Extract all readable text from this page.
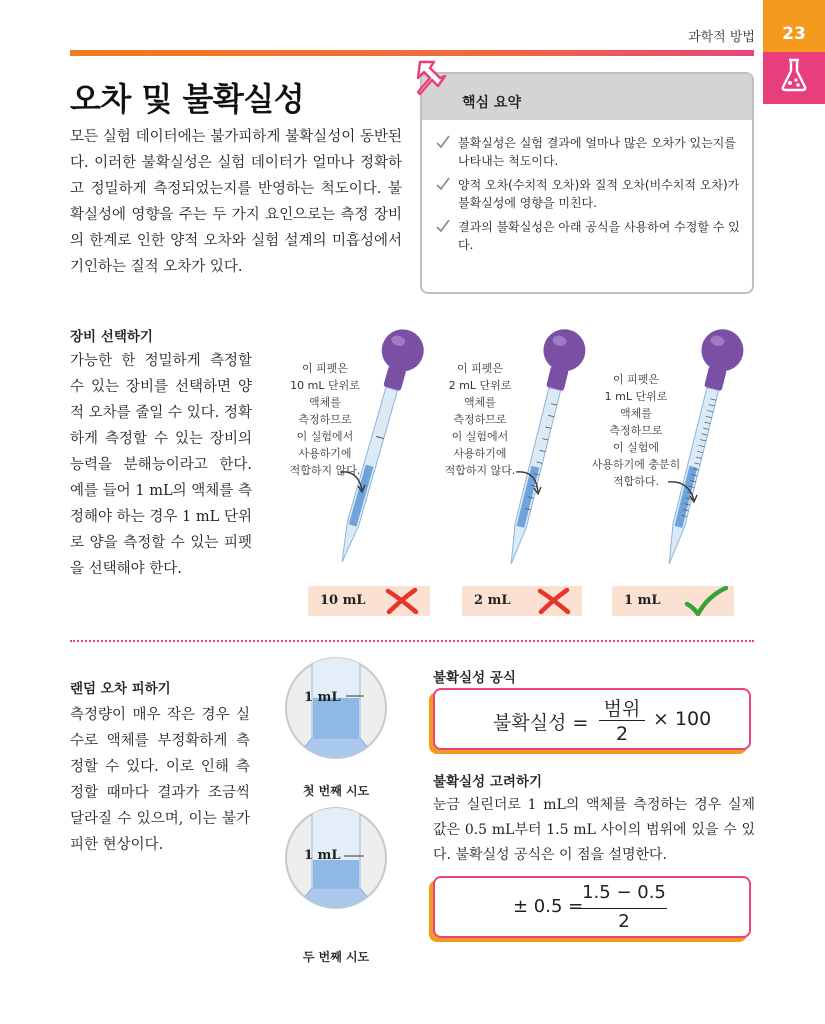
과학적 방법	23
오차 및 불확실성
모든 실험 데이터에는 불가피하게 불확실성이 동반된다. 이러한 불확실성은 실험 데이터가 얼마나 정확하고 정밀하게 측정되었는지를 반영하는 척도이다. 불확실성에 영향을 주는 두 가지 요인으로는 측정 장비의 한계로 인한 양적 오차와 실험 설계의 미흡성에서 기인하는 질적 오차가 있다.
핵심 요약
불확실성은 실험 결과에 얼마나 많은 오차가 있는지를 나타내는 척도이다.
양적 오차(수치적 오차)와 질적 오차(비수치적 오차)가 불확실성에 영향을 미친다.
결과의 불확실성은 아래 공식을 사용하여 수정할 수 있다.
장비 선택하기
가능한 한 정밀하게 측정할 수 있는 장비를 선택하면 양적 오차를 줄일 수 있다. 정확하게 측정할 수 있는 장비의 능력을 분해능이라고 한다. 예를 들어 1 mL의 액체를 측정해야 하는 경우 1 mL 단위로 양을 측정할 수 있는 피펫을 선택해야 한다.
이 피펫은
10 mL 단위로
액체를
측정하므로
이 실험에서
사용하기에
적합하지 않다.
이 피펫은
2 mL 단위로
액체를
측정하므로
이 실험에서
사용하기에
적합하지 않다.
이 피펫은
1 mL 단위로
액체를
측정하므로
이 실험에
사용하기에 충분히
적합하다.
10 mL	2 mL	1 mL
랜덤 오차 피하기
측정량이 매우 작은 경우 실수로 액체를 부정확하게 측정할 수 있다. 이로 인해 측정할 때마다 결과가 조금씩 달라질 수 있으며, 이는 불가피한 현상이다.
1 mL
첫 번째 시도
1 mL
두 번째 시도
불확실성 공식
불확실성 =
범위
2
× 100
불확실성 고려하기
눈금 실린더로 1 mL의 액체를 측정하는 경우 실제 값은 0.5 mL부터 1.5 mL 사이의 범위에 있을 수 있다. 불확실성 공식은 이 점을 설명한다.
± 0.5 =
1.5 − 0.5
2
